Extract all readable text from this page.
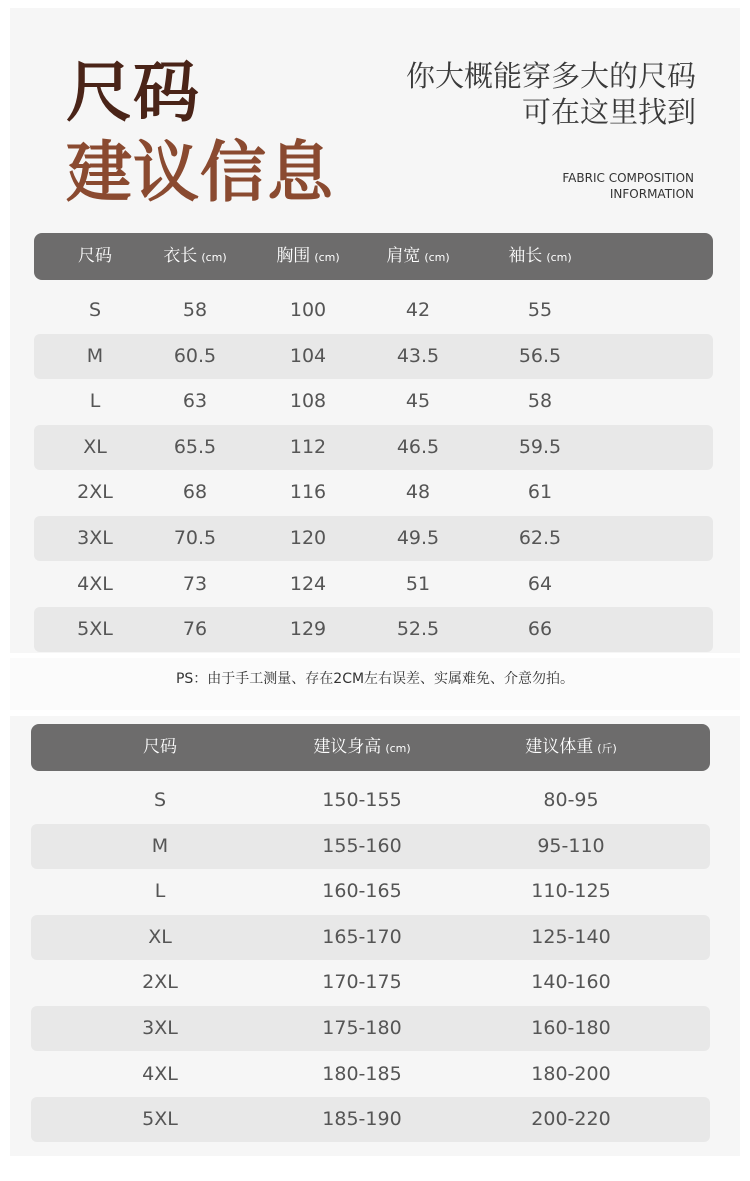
尺码
建议信息
你大概能穿多大的尺码
可在这里找到
FABRIC COMPOSITION
INFORMATION
尺码	衣长 (cm)	胸围 (cm)	肩宽 (cm)	袖长 (cm)
S	58	100	42	55
M	60.5	104	43.5	56.5
L	63	108	45	58
XL	65.5	112	46.5	59.5
2XL	68	116	48	61
3XL	70.5	120	49.5	62.5
4XL	73	124	51	64
5XL	76	129	52.5	66
PS：由于手工测量、存在2CM左右误差、实属难免、介意勿拍。
尺码	建议身高 (cm)	建议体重 (斤)
S	150-155	80-95
M	155-160	95-110
L	160-165	110-125
XL	165-170	125-140
2XL	170-175	140-160
3XL	175-180	160-180
4XL	180-185	180-200
5XL	185-190	200-220
